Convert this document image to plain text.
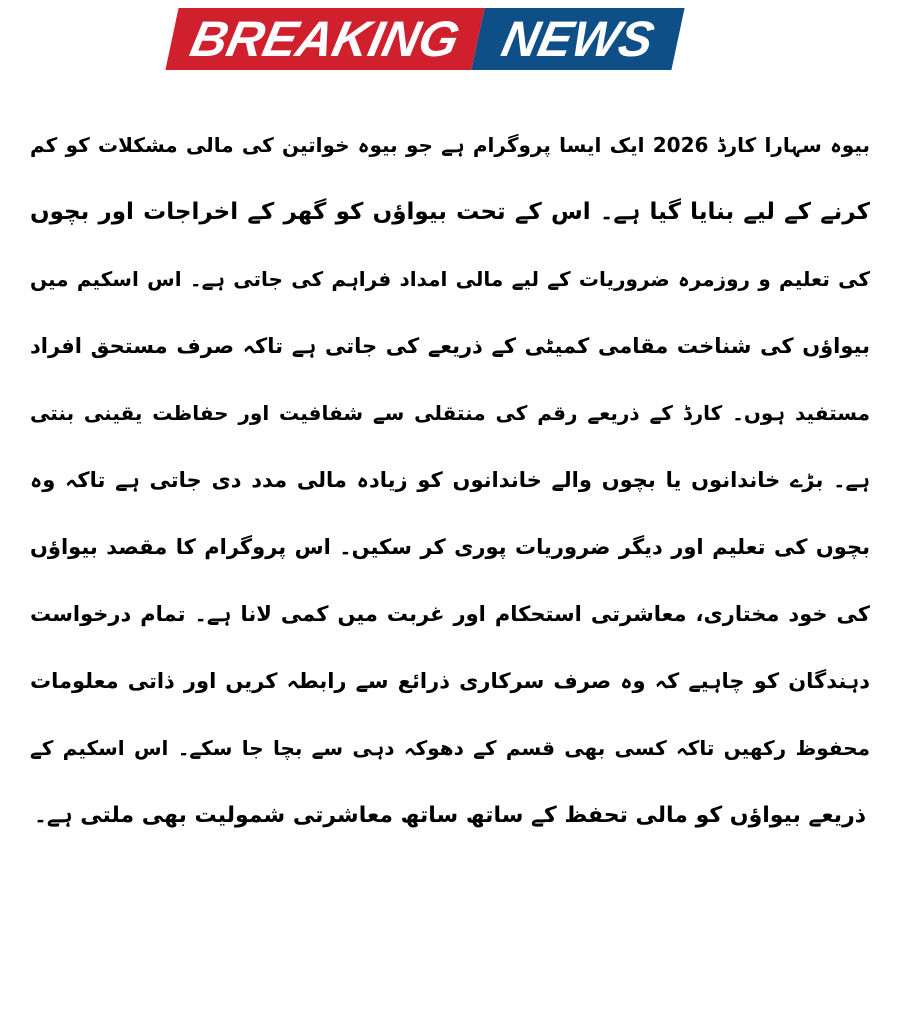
BREAKING NEWS
بیوہ سہارا کارڈ 2026 ایک ایسا پروگرام ہے جو بیوہ خواتین کی مالی مشکلات کو کم
کرنے کے لیے بنایا گیا ہے۔ اس کے تحت بیواؤں کو گھر کے اخراجات اور بچوں
کی تعلیم و روزمرہ ضروریات کے لیے مالی امداد فراہم کی جاتی ہے۔ اس اسکیم میں
بیواؤں کی شناخت مقامی کمیٹی کے ذریعے کی جاتی ہے تاکہ صرف مستحق افراد
مستفید ہوں۔ کارڈ کے ذریعے رقم کی منتقلی سے شفافیت اور حفاظت یقینی بنتی
ہے۔ بڑے خاندانوں یا بچوں والے خاندانوں کو زیادہ مالی مدد دی جاتی ہے تاکہ وہ
بچوں کی تعلیم اور دیگر ضروریات پوری کر سکیں۔ اس پروگرام کا مقصد بیواؤں
کی خود مختاری، معاشرتی استحکام اور غربت میں کمی لانا ہے۔ تمام درخواست
دہندگان کو چاہیے کہ وہ صرف سرکاری ذرائع سے رابطہ کریں اور ذاتی معلومات
محفوظ رکھیں تاکہ کسی بھی قسم کے دھوکہ دہی سے بچا جا سکے۔ اس اسکیم کے
ذریعے بیواؤں کو مالی تحفظ کے ساتھ ساتھ معاشرتی شمولیت بھی ملتی ہے۔
